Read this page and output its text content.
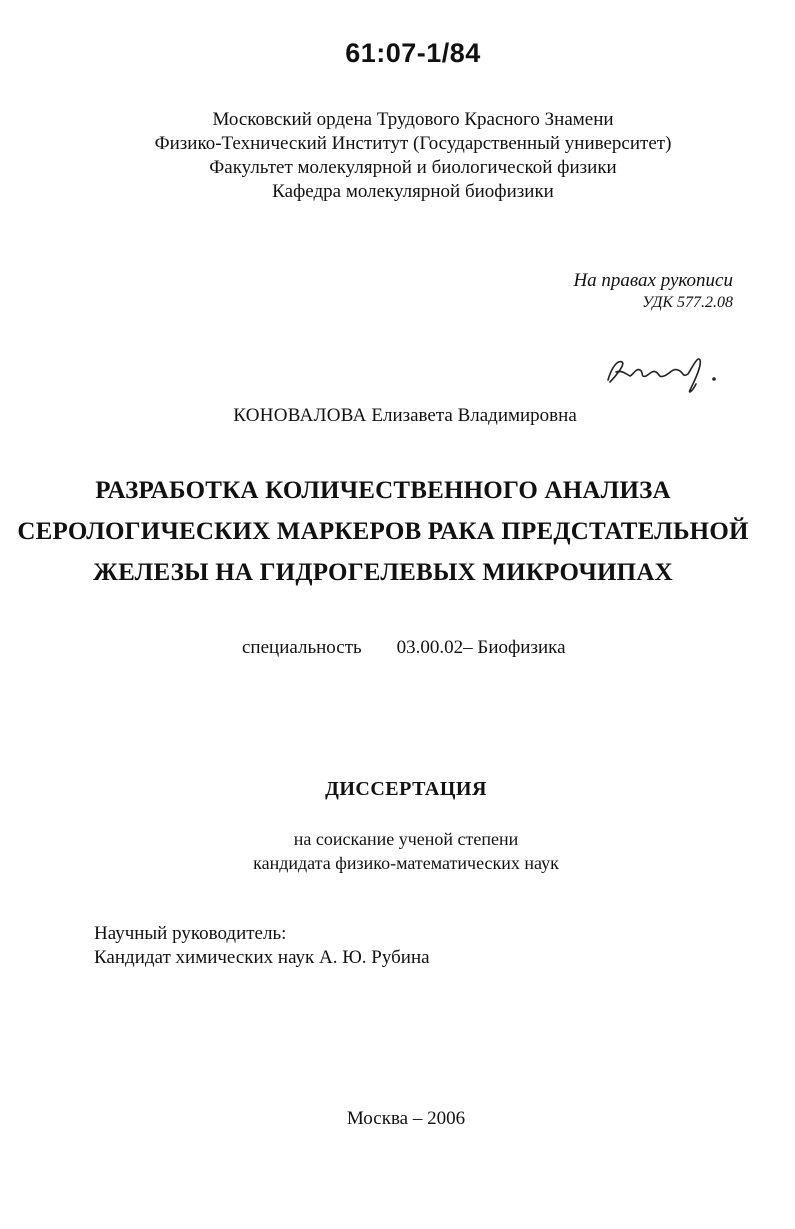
61:07-1/84
Московский ордена Трудового Красного Знамени
Физико-Технический Институт (Государственный университет)
Факультет молекулярной и биологической физики
Кафедра молекулярной биофизики
На правах рукописи
УДК 577.2.08
КОНОВАЛОВА Елизавета Владимировна
РАЗРАБОТКА КОЛИЧЕСТВЕННОГО АНАЛИЗА
СЕРОЛОГИЧЕСКИХ МАРКЕРОВ РАКА ПРЕДСТАТЕЛЬНОЙ
ЖЕЛЕЗЫ НА ГИДРОГЕЛЕВЫХ МИКРОЧИПАХ
специальность 03.00.02– Биофизика
ДИССЕРТАЦИЯ
на соискание ученой степени
кандидата физико-математических наук
Научный руководитель:
Кандидат химических наук А. Ю. Рубина
Москва – 2006
